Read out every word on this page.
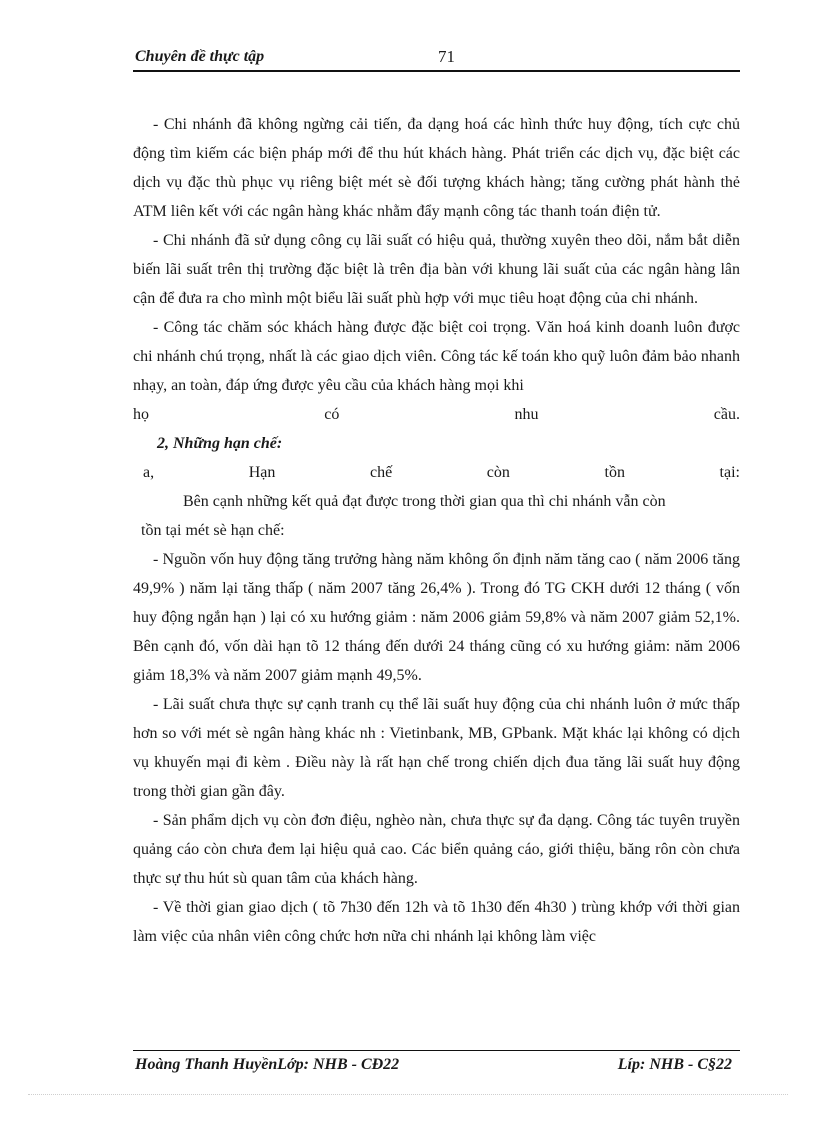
Chuyên đề thực tập	71

- Chi nhánh đã không ngừng cải tiến, đa dạng hoá các hình thức huy động, tích cực chủ động tìm kiếm các biện pháp mới để thu hút khách hàng. Phát triển các dịch vụ, đặc biệt các dịch vụ đặc thù phục vụ riêng biệt mét sè đối tượng khách hàng; tăng cường phát hành thẻ ATM liên kết với các ngân hàng khác nhằm đẩy mạnh công tác thanh toán điện tử.

- Chi nhánh đã sử dụng công cụ lãi suất có hiệu quả, thường xuyên theo dõi, nắm bắt diễn biến lãi suất trên thị trường đặc biệt là trên địa bàn với khung lãi suất của các ngân hàng lân cận để đưa ra cho mình một biểu lãi suất phù hợp với mục tiêu hoạt động của chi nhánh.

- Công tác chăm sóc khách hàng được đặc biệt coi trọng. Văn hoá kinh doanh luôn được chi nhánh chú trọng, nhất là các giao dịch viên. Công tác kế toán kho quỹ luôn đảm bảo nhanh nhạy, an toàn, đáp ứng được yêu cầu của khách hàng mọi khi

họ có nhu cầu.

2, Những hạn chế:

a, Hạn chế còn tồn tại:

Bên cạnh những kết quả đạt được trong thời gian qua thì chi nhánh vẫn còn

tồn tại mét sè hạn chế:

- Nguồn vốn huy động tăng trưởng hàng năm không ổn định năm tăng cao ( năm 2006 tăng 49,9% ) năm lại tăng thấp ( năm 2007 tăng 26,4% ). Trong đó TG CKH dưới 12 tháng ( vốn huy động ngắn hạn ) lại có xu hướng giảm : năm 2006 giảm 59,8% và năm 2007 giảm 52,1%. Bên cạnh đó, vốn dài hạn tõ 12 tháng đến dưới 24 tháng cũng có xu hướng giảm: năm 2006 giảm 18,3% và năm 2007 giảm mạnh 49,5%.

- Lãi suất chưa thực sự cạnh tranh cụ thể lãi suất huy động của chi nhánh luôn ở mức thấp hơn so với mét sè ngân hàng khác nh : Vietinbank, MB, GPbank. Mặt khác lại không có dịch vụ khuyến mại đi kèm . Điều này là rất hạn chế trong chiến dịch đua tăng lãi suất huy động trong thời gian gần đây.

- Sản phẩm dịch vụ còn đơn điệu, nghèo nàn, chưa thực sự đa dạng. Công tác tuyên truyền quảng cáo còn chưa đem lại hiệu quả cao. Các biển quảng cáo, giới thiệu, băng rôn còn chưa thực sự thu hút sù quan tâm của khách hàng.

- Về thời gian giao dịch ( tõ 7h30 đến 12h và tõ 1h30 đến 4h30 ) trùng khớp với thời gian làm việc của nhân viên công chức hơn nữa chi nhánh lại không làm việc

Hoàng Thanh HuyềnLớp: NHB - CĐ22	Líp: NHB - C§22
